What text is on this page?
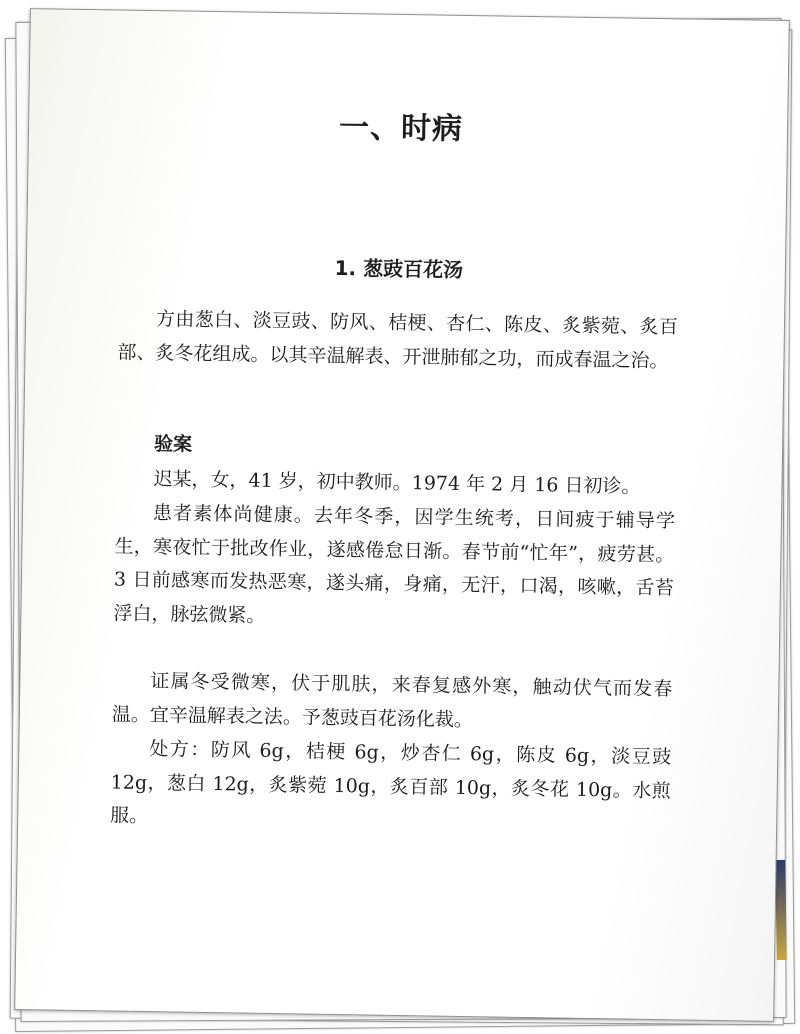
一、时病
1. 葱豉百花汤

方由葱白、淡豆豉、防风、桔梗、杏仁、陈皮、炙紫菀、炙百部、炙冬花组成。以其辛温解表、开泄肺郁之功，而成春温之治。

验案

迟某，女，41 岁，初中教师。1974 年 2 月 16 日初诊。

患者素体尚健康。去年冬季，因学生统考，日间疲于辅导学生，寒夜忙于批改作业，遂感倦怠日渐。春节前“忙年”，疲劳甚。3 日前感寒而发热恶寒，遂头痛，身痛，无汗，口渴，咳嗽，舌苔浮白，脉弦微紧。

证属冬受微寒，伏于肌肤，来春复感外寒，触动伏气而发春温。宜辛温解表之法。予葱豉百花汤化裁。

处方：防风 6g，桔梗 6g，炒杏仁 6g，陈皮 6g，淡豆豉 12g，葱白 12g，炙紫菀 10g，炙百部 10g，炙冬花 10g。水煎服。
